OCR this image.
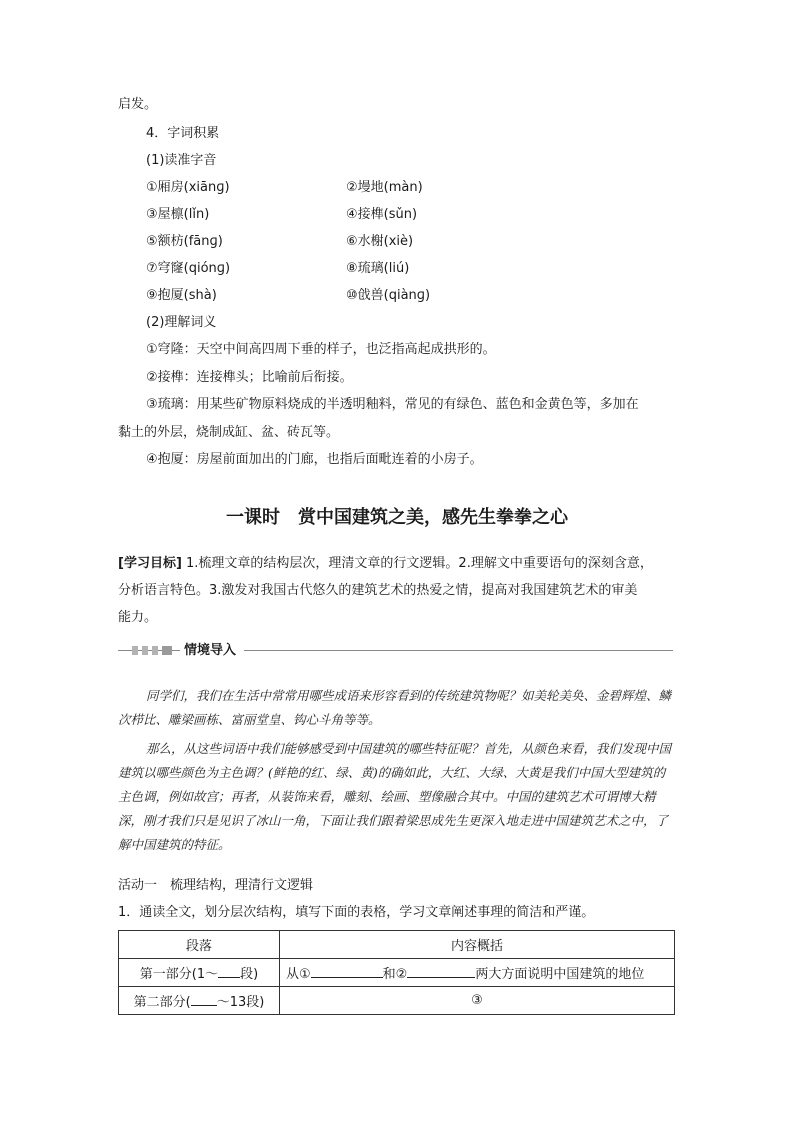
启发。
4．字词积累
(1)读准字音
①厢房(xiānɡ)	②墁地(màn)
③屋檩(lǐn)	④接榫(sǔn)
⑤额枋(fānɡ)	⑥水榭(xiè)
⑦穹窿(qiónɡ)	⑧琉璃(liú)
⑨抱厦(shà)	⑩戗兽(qiànɡ)
(2)理解词义
①穹隆：天空中间高四周下垂的样子，也泛指高起成拱形的。
②接榫：连接榫头；比喻前后衔接。
③琉璃：用某些矿物原料烧成的半透明釉料，常见的有绿色、蓝色和金黄色等，多加在
黏土的外层，烧制成缸、盆、砖瓦等。
④抱厦：房屋前面加出的门廊，也指后面毗连着的小房子。
一课时　赏中国建筑之美，感先生拳拳之心
[学习目标] 1.梳理文章的结构层次，理清文章的行文逻辑。2.理解文中重要语句的深刻含意，
分析语言特色。3.激发对我国古代悠久的建筑艺术的热爱之情，提高对我国建筑艺术的审美
能力。
情境导入

同学们，我们在生活中常常用哪些成语来形容看到的传统建筑物呢？如美轮美奂、金碧辉煌、鳞次栉比、雕梁画栋、富丽堂皇、钩心斗角等等。

那么，从这些词语中我们能够感受到中国建筑的哪些特征呢？首先，从颜色来看，我们发现中国建筑以哪些颜色为主色调？(鲜艳的红、绿、黄)的确如此，大红、大绿、大黄是我们中国大型建筑的主色调，例如故宫；再者，从装饰来看，雕刻、绘画、塑像融合其中。中国的建筑艺术可谓博大精深，刚才我们只是见识了冰山一角，下面让我们跟着梁思成先生更深入地走进中国建筑艺术之中，了解中国建筑的特征。

活动一　梳理结构，理清行文逻辑
1．通读全文，划分层次结构，填写下面的表格，学习文章阐述事理的简洁和严谨。
段落	内容概括
第一部分(1～ 段)	从① 和② 两大方面说明中国建筑的地位
第二部分( ～13段)	③
